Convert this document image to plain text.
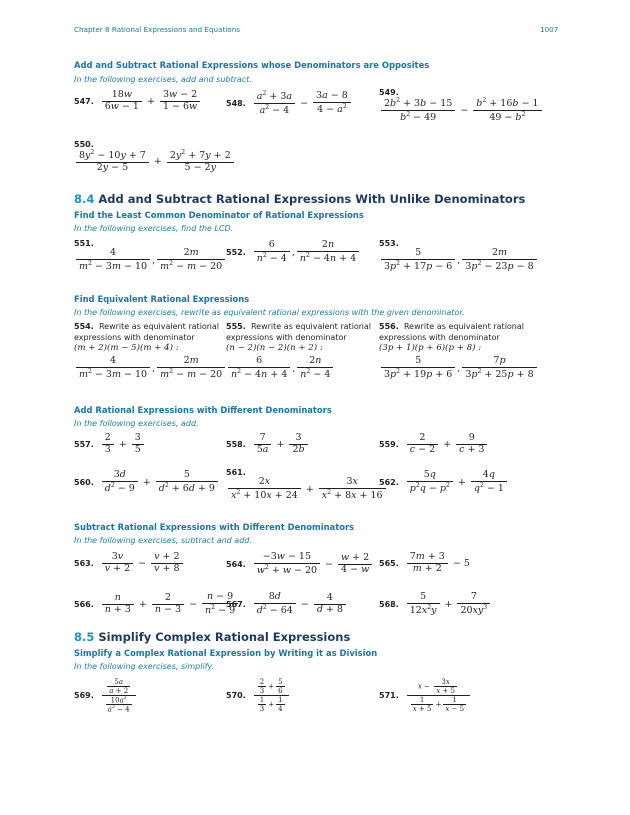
Chapter 8 Rational Expressions and Equations	1007
Add and Subtract Rational Expressions whose Denominators are Opposites
In the following exercises, add and subtract.
547. $\frac{18w}{6w - 1} + \frac{3w - 2}{1 - 6w}$	548. $\frac{a^2 + 3a}{a^2 - 4} - \frac{3a - 8}{4 - a^2}$	549.
$\frac{2b^2 + 3b - 15}{b^2 - 49} - \frac{b^2 + 16b - 1}{49 - b^2}$
550.
$\frac{8y^2 - 10y + 7}{2y - 5} + \frac{2y^2 + 7y + 2}{5 - 2y}$
8.4 Add and Subtract Rational Expressions With Unlike Denominators
Find the Least Common Denominator of Rational Expressions
In the following exercises, find the LCD.
551.
$\frac{4}{m^2 - 3m - 10}$ , $\frac{2m}{m^2 - m - 20} 552$. $\frac{6}{n^2 - 4}$ , $\frac{2n}{n^2 - 4n + 4} 553$.
$\frac{5}{3p^2 + 17p - 6}$ , $\frac{2m}{3p^2 - 23p - 8}$
Find Equivalent Rational Expressions
In the following exercises, rewrite as equivalent rational expressions with the given denominator.
554. Rewrite as equivalent rational expressions with denominator
(m + 2)(m − 5)(m + 4) :
$\frac{4}{m^2 - 3m - 10}$ , $\frac{2m}{m^2 - m - 20}$
555. Rewrite as equivalent rational expressions with denominator
(n − 2)(n − 2)(n + 2) :
$\frac{6}{n^2 - 4n + 4}$ , $\frac{2n}{n^2 - 4}$
556. Rewrite as equivalent rational expressions with denominator
(3p + 1)(p + 6)(p + 8) :
$\frac{5}{3p^2 + 19p + 6}$ , $\frac{7p}{3p^2 + 25p + 8}$
Add Rational Expressions with Different Denominators
In the following exercises, add.
557. $\frac{2}{3} + \frac{3}{5}$	558. $\frac{7}{5a} + \frac{3}{2b}$	559. $\frac{2}{c - 2} + \frac{9}{c + 3}$
560. $\frac{3d}{d^2 - 9} + \frac{5}{d^2 + 6d + 9} 561$.
$\frac{2x}{x^2 + 10x + 24} + \frac{3x}{x^2 + 8x + 16}$
562. $\frac{5q}{p^2q - p^2} + \frac{4q}{q^2 - 1}$
Subtract Rational Expressions with Different Denominators
In the following exercises, subtract and add.
563. $\frac{3v}{v + 2} - \frac{v + 2}{v + 8}$	564. $\frac{-3w - 15}{w^2 + w - 20} - \frac{w + 2}{4 - w} 565$. $\frac{7m + 3}{m + 2} - 5$
566. $\frac{n}{n + 3} + \frac{2}{n - 3} - \frac{n - 9}{n^2 - 9}$
567. $\frac{8d}{d^2 - 64} - \frac{4}{d + 8}$	568. $\frac{5}{12x^2y} + \frac{7}{20xy^3}$
8.5 Simplify Complex Rational Expressions
Simplify a Complex Rational Expression by Writing it as Division
In the following exercises, simplify.
569. $\frac{\frac{5a}{a + 2}}{\frac{10a^2}{a^2 - 4}}$	570. $\frac{\frac{2}{3} + \frac{5}{6}}{\frac{1}{3} + \frac{1}{4}}$	571. $\frac{x - \frac{3x}{x + 5}}{\frac{1}{x + 5} + \frac{1}{x - 5}}$
